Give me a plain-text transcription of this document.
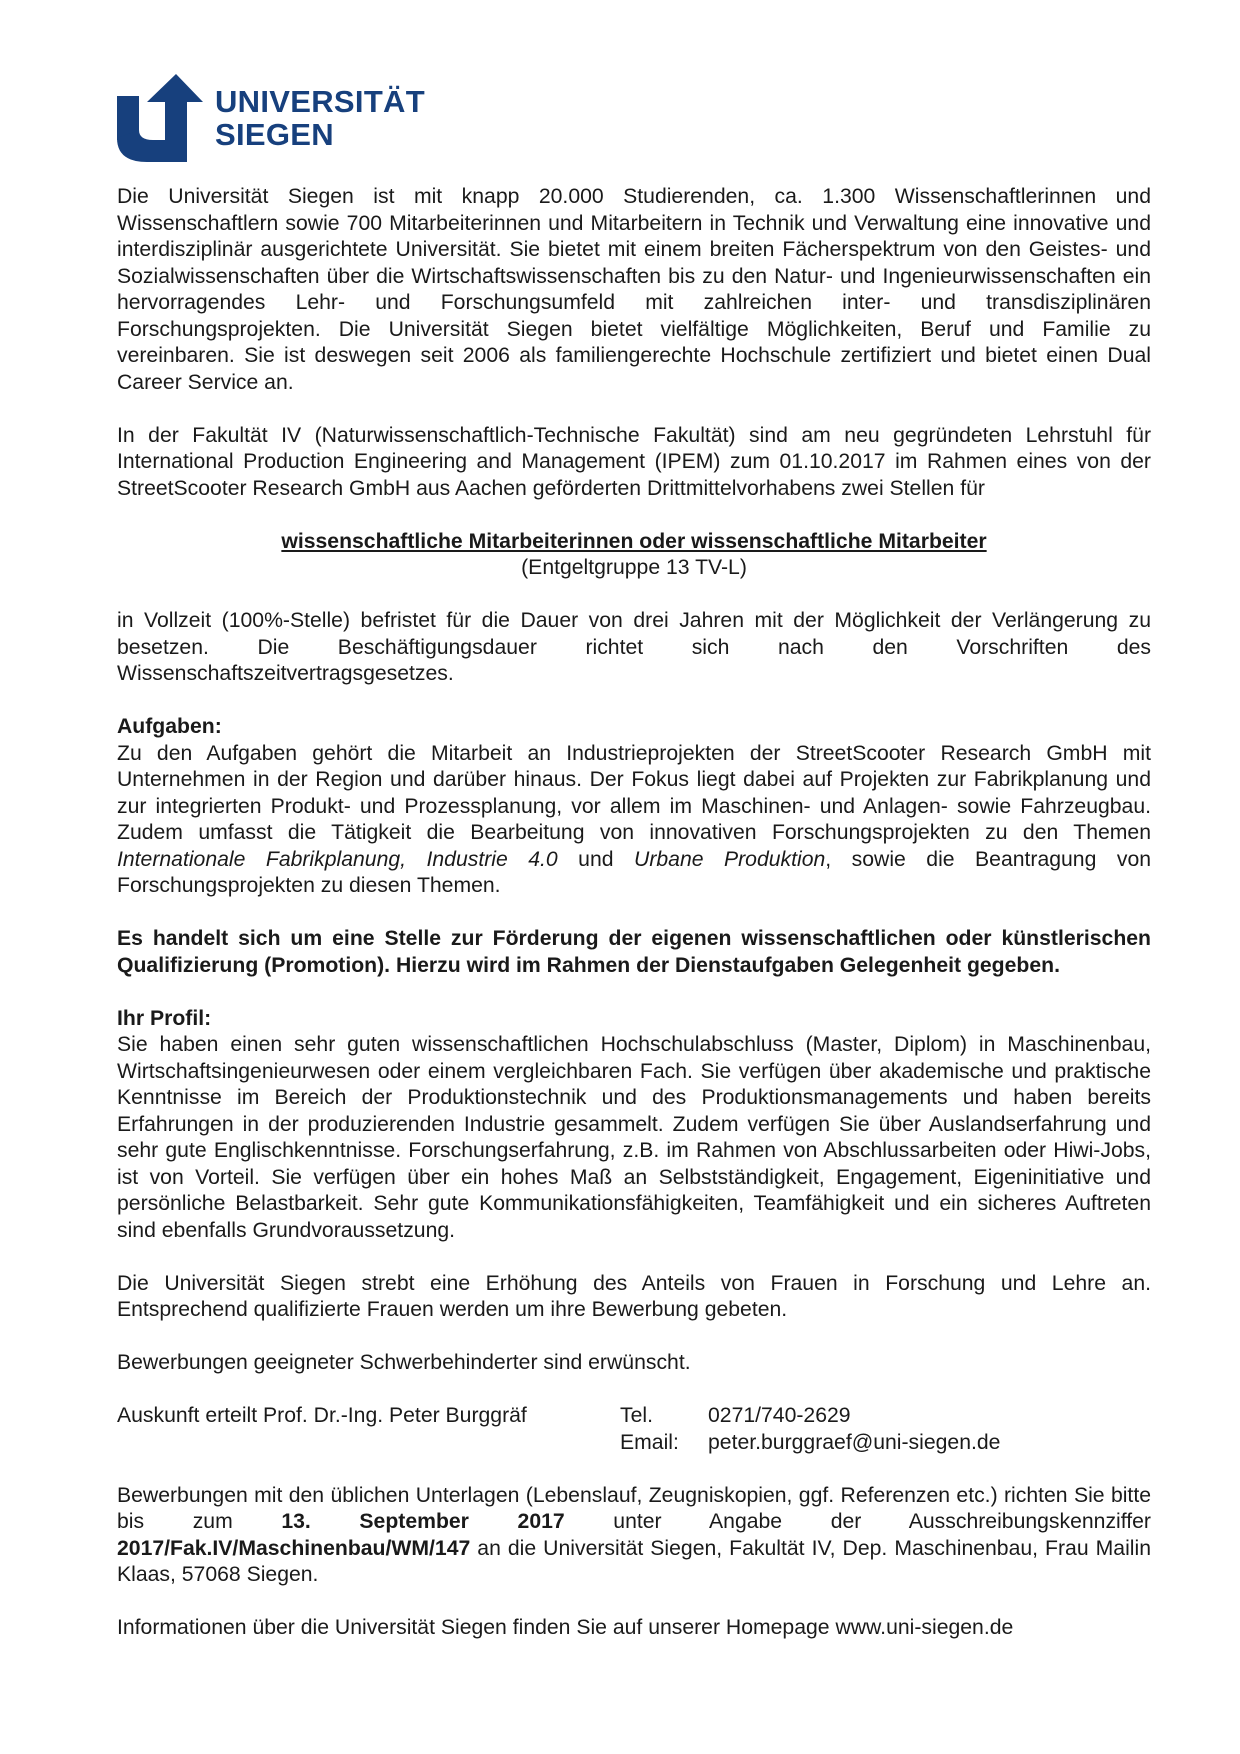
UNIVERSITÄT
SIEGEN

Die Universität Siegen ist mit knapp 20.000 Studierenden, ca. 1.300 Wissenschaftlerinnen und Wissenschaftlern sowie 700 Mitarbeiterinnen und Mitarbeitern in Technik und Verwaltung eine innovative und interdisziplinär ausgerichtete Universität. Sie bietet mit einem breiten Fächerspektrum von den Geistes- und Sozialwissenschaften über die Wirtschaftswissenschaften bis zu den Natur- und Ingenieurwissenschaften ein hervorragendes Lehr- und Forschungsumfeld mit zahlreichen inter- und transdisziplinären Forschungsprojekten. Die Universität Siegen bietet vielfältige Möglichkeiten, Beruf und Familie zu vereinbaren. Sie ist deswegen seit 2006 als familiengerechte Hochschule zertifiziert und bietet einen Dual Career Service an.

In der Fakultät IV (Naturwissenschaftlich-Technische Fakultät) sind am neu gegründeten Lehrstuhl für International Production Engineering and Management (IPEM) zum 01.10.2017 im Rahmen eines von der StreetScooter Research GmbH aus Aachen geförderten Drittmittelvorhabens zwei Stellen für

wissenschaftliche Mitarbeiterinnen oder wissenschaftliche Mitarbeiter

(Entgeltgruppe 13 TV-L)

in Vollzeit (100%-Stelle) befristet für die Dauer von drei Jahren mit der Möglichkeit der Verlängerung zu besetzen. Die Beschäftigungsdauer richtet sich nach den Vorschriften des Wissenschaftszeitvertragsgesetzes.

Aufgaben:

Zu den Aufgaben gehört die Mitarbeit an Industrieprojekten der StreetScooter Research GmbH mit Unternehmen in der Region und darüber hinaus. Der Fokus liegt dabei auf Projekten zur Fabrikplanung und zur integrierten Produkt- und Prozessplanung, vor allem im Maschinen- und Anlagen- sowie Fahrzeugbau. Zudem umfasst die Tätigkeit die Bearbeitung von innovativen Forschungsprojekten zu den Themen Internationale Fabrikplanung, Industrie 4.0 und Urbane Produktion, sowie die Beantragung von Forschungsprojekten zu diesen Themen.

Es handelt sich um eine Stelle zur Förderung der eigenen wissenschaftlichen oder künstlerischen Qualifizierung (Promotion). Hierzu wird im Rahmen der Dienstaufgaben Gelegenheit gegeben.

Ihr Profil:

Sie haben einen sehr guten wissenschaftlichen Hochschulabschluss (Master, Diplom) in Maschinenbau, Wirtschaftsingenieurwesen oder einem vergleichbaren Fach. Sie verfügen über akademische und praktische Kenntnisse im Bereich der Produktionstechnik und des Produktionsmanagements und haben bereits Erfahrungen in der produzierenden Industrie gesammelt. Zudem verfügen Sie über Auslandserfahrung und sehr gute Englischkenntnisse. Forschungserfahrung, z.B. im Rahmen von Abschlussarbeiten oder Hiwi-Jobs, ist von Vorteil. Sie verfügen über ein hohes Maß an Selbstständigkeit, Engagement, Eigeninitiative und persönliche Belastbarkeit. Sehr gute Kommunikationsfähigkeiten, Teamfähigkeit und ein sicheres Auftreten sind ebenfalls Grundvoraussetzung.

Die Universität Siegen strebt eine Erhöhung des Anteils von Frauen in Forschung und Lehre an. Entsprechend qualifizierte Frauen werden um ihre Bewerbung gebeten.

Bewerbungen geeigneter Schwerbehinderter sind erwünscht.

Auskunft erteilt Prof. Dr.-Ing. Peter Burggräf	Tel.	0271/740-2629
Email:	peter.burggraef@uni-siegen.de

Bewerbungen mit den üblichen Unterlagen (Lebenslauf, Zeugniskopien, ggf. Referenzen etc.) richten Sie bitte bis zum 13. September 2017 unter Angabe der Ausschreibungskennziffer 2017/Fak.IV/Maschinenbau/WM/147 an die Universität Siegen, Fakultät IV, Dep. Maschinenbau, Frau Mailin Klaas, 57068 Siegen.

Informationen über die Universität Siegen finden Sie auf unserer Homepage www.uni-siegen.de
